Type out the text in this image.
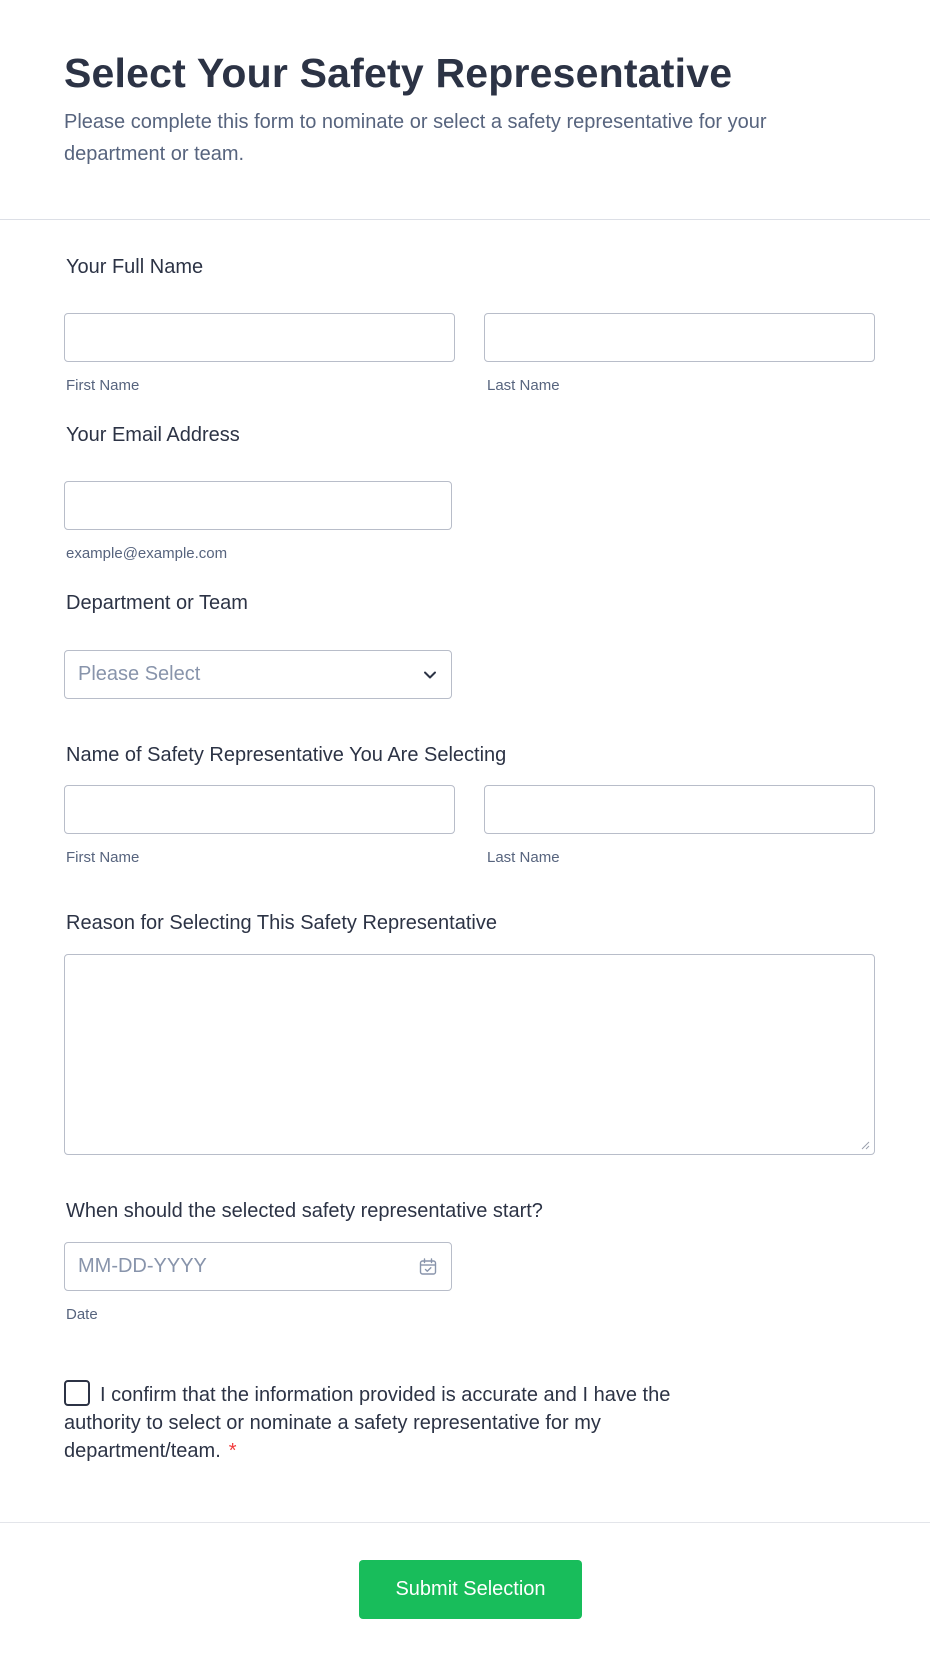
Select Your Safety Representative

Please complete this form to nominate or select a safety representative for your department or team.

Your Full Name

First Name	Last Name

Your Email Address

example@example.com

Department or Team

Please Select

Name of Safety Representative You Are Selecting

First Name	Last Name

Reason for Selecting This Safety Representative

When should the selected safety representative start?

MM-DD-YYYY
Date
I confirm that the information provided is accurate and I have the authority to select or nominate a safety representative for my department/team. *
Submit Selection
